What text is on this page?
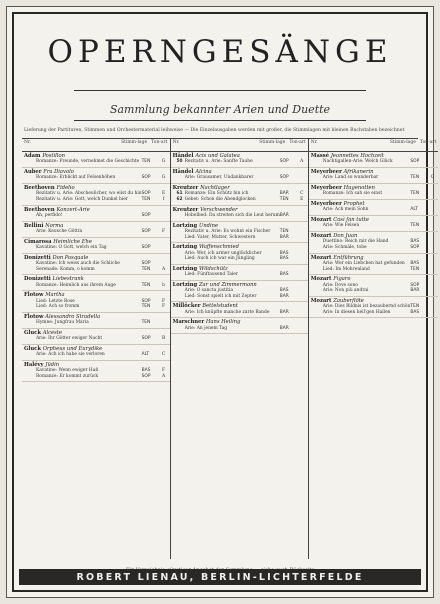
OPERNGESÄNGE
Sammlung bekannter Arien und Duette
Lieferung der Partituren, Stimmen und Orchestermaterial leihweise — Die Einzelausgaben werden mit großer, die Stimmlagen mit kleinen Buchstaben bezeichnet
Nr.	Stimm-lage Ton-art
Adam Postillon
Romanze: Freunde, vernehmet die Geschichte TEN	G
Auber Fra Diavolo
Romanze: Erblickt auf Felsenhöhen	SOP	G
Beethoven Fidelio
Rezitativ u. Arie: Abscheulicher, wo eilst du hin SOP	E
Rezitativ u. Arie: Gott, welch Dunkel hier	TEN	f
Beethoven Konzert-Arie
Ah, perfido!	SOP
Bellini Norma
Arie: Keusche Göttin	SOP	F
Cimarosa Heimliche Ehe
Kavatine: O Gott, welch ein Tag	SOP
Donizetti Don Pasquale
Kavatine: Ich weiss auch die Schliche	SOP
Serenade: Komm, o komm	TEN	A
Donizetti Liebestrank
Romanze: Heimlich aus ihrem Auge	TEN	b
Flotow Martha
Lied: Letzte Rose	SOP	F
Lied: Ach so fromm	TEN	F
Flotow Alessandro Stradella
Hymne: Jungfrau Maria	TEN
Gluck Alceste
Arie: Ihr Götter ewiger Nacht	SOP	B
Gluck Orpheus und Eurydike
Arie: Ach ich habe sie verloren	ALT	C
Halévy Jüdin
Kavatine: Wenn ewiger Haß	BAS	F
Romanze: Er kommt zurück	SOP	A
Nr.	Stimm-lage Ton-art
Händel Acis und Galatea
50 Rezitativ u. Arie: Sanfte Taube	SOP	A
Händel Alcina
Arie: Grausamer, Undankbarer	SOP
Kreutzer Nachtlager
61 Romanze: Ein Schütz bin ich	BAR	C
62 Gebet: Schon die Abendglocken	TEN	E
Kreutzer Verschwender
Hobellied: Da streiten sich die Leut herum BAR
Lortzing Undine
Rezitativ u. Arie: Es wohnt ein Fischer	TEN
Lied: Vater, Mutter, Schwestern	BAR
Lortzing Waffenschmied
Arie: Wer, ich armer unglücklicher	BAS
Lied: Auch ich war ein Jüngling	BAS
Lortzing Wildschütz
Lied: Fünftausend Taler	BAS
Lortzing Zar und Zimmermann
Arie: O sancta justitia	BAS
Lied: Sonst spielt ich mit Zepter	BAR
Millöcker Bettelstudent
Arie: Ich knüpfte manche zarte Bande	BAR
Marschner Hans Heiling
Arie: An jenem Tag	BAR
Nr.	Stimm-lage Ton-art
Massé Jeannettes Hochzeit
Nachtigallen-Arie: Welch Glück	SOP
Meyerbeer Afrikanerin
Arie: Land so wunderbar	TEN	G
Meyerbeer Hugenotten
Romanze: Ich sah sie einst	TEN
Meyerbeer Prophet
Arie: Ach mein Sohn	ALT
Mozart Così fan tutte
Arie: Wie Felsen	TEN
Mozart Don Juan
Duettino: Reich mir die Hand	BAS
Arie: Schmäle, tobe	SOP
Mozart Entführung
Arie: Wer ein Liebchen hat gefunden	BAS
Lied: Im Mohrenland	TEN
Mozart Figaro
Arie: Dove sono	SOP
Arie: Non più andrai	BAR
Mozart Zauberflöte
Arie: Dies Bildnis ist bezaubernd schön TEN
Arie: In diesen heil'gen Hallen	BAS
ROBERT LIENAU, BERLIN-LICHTERFELDE
